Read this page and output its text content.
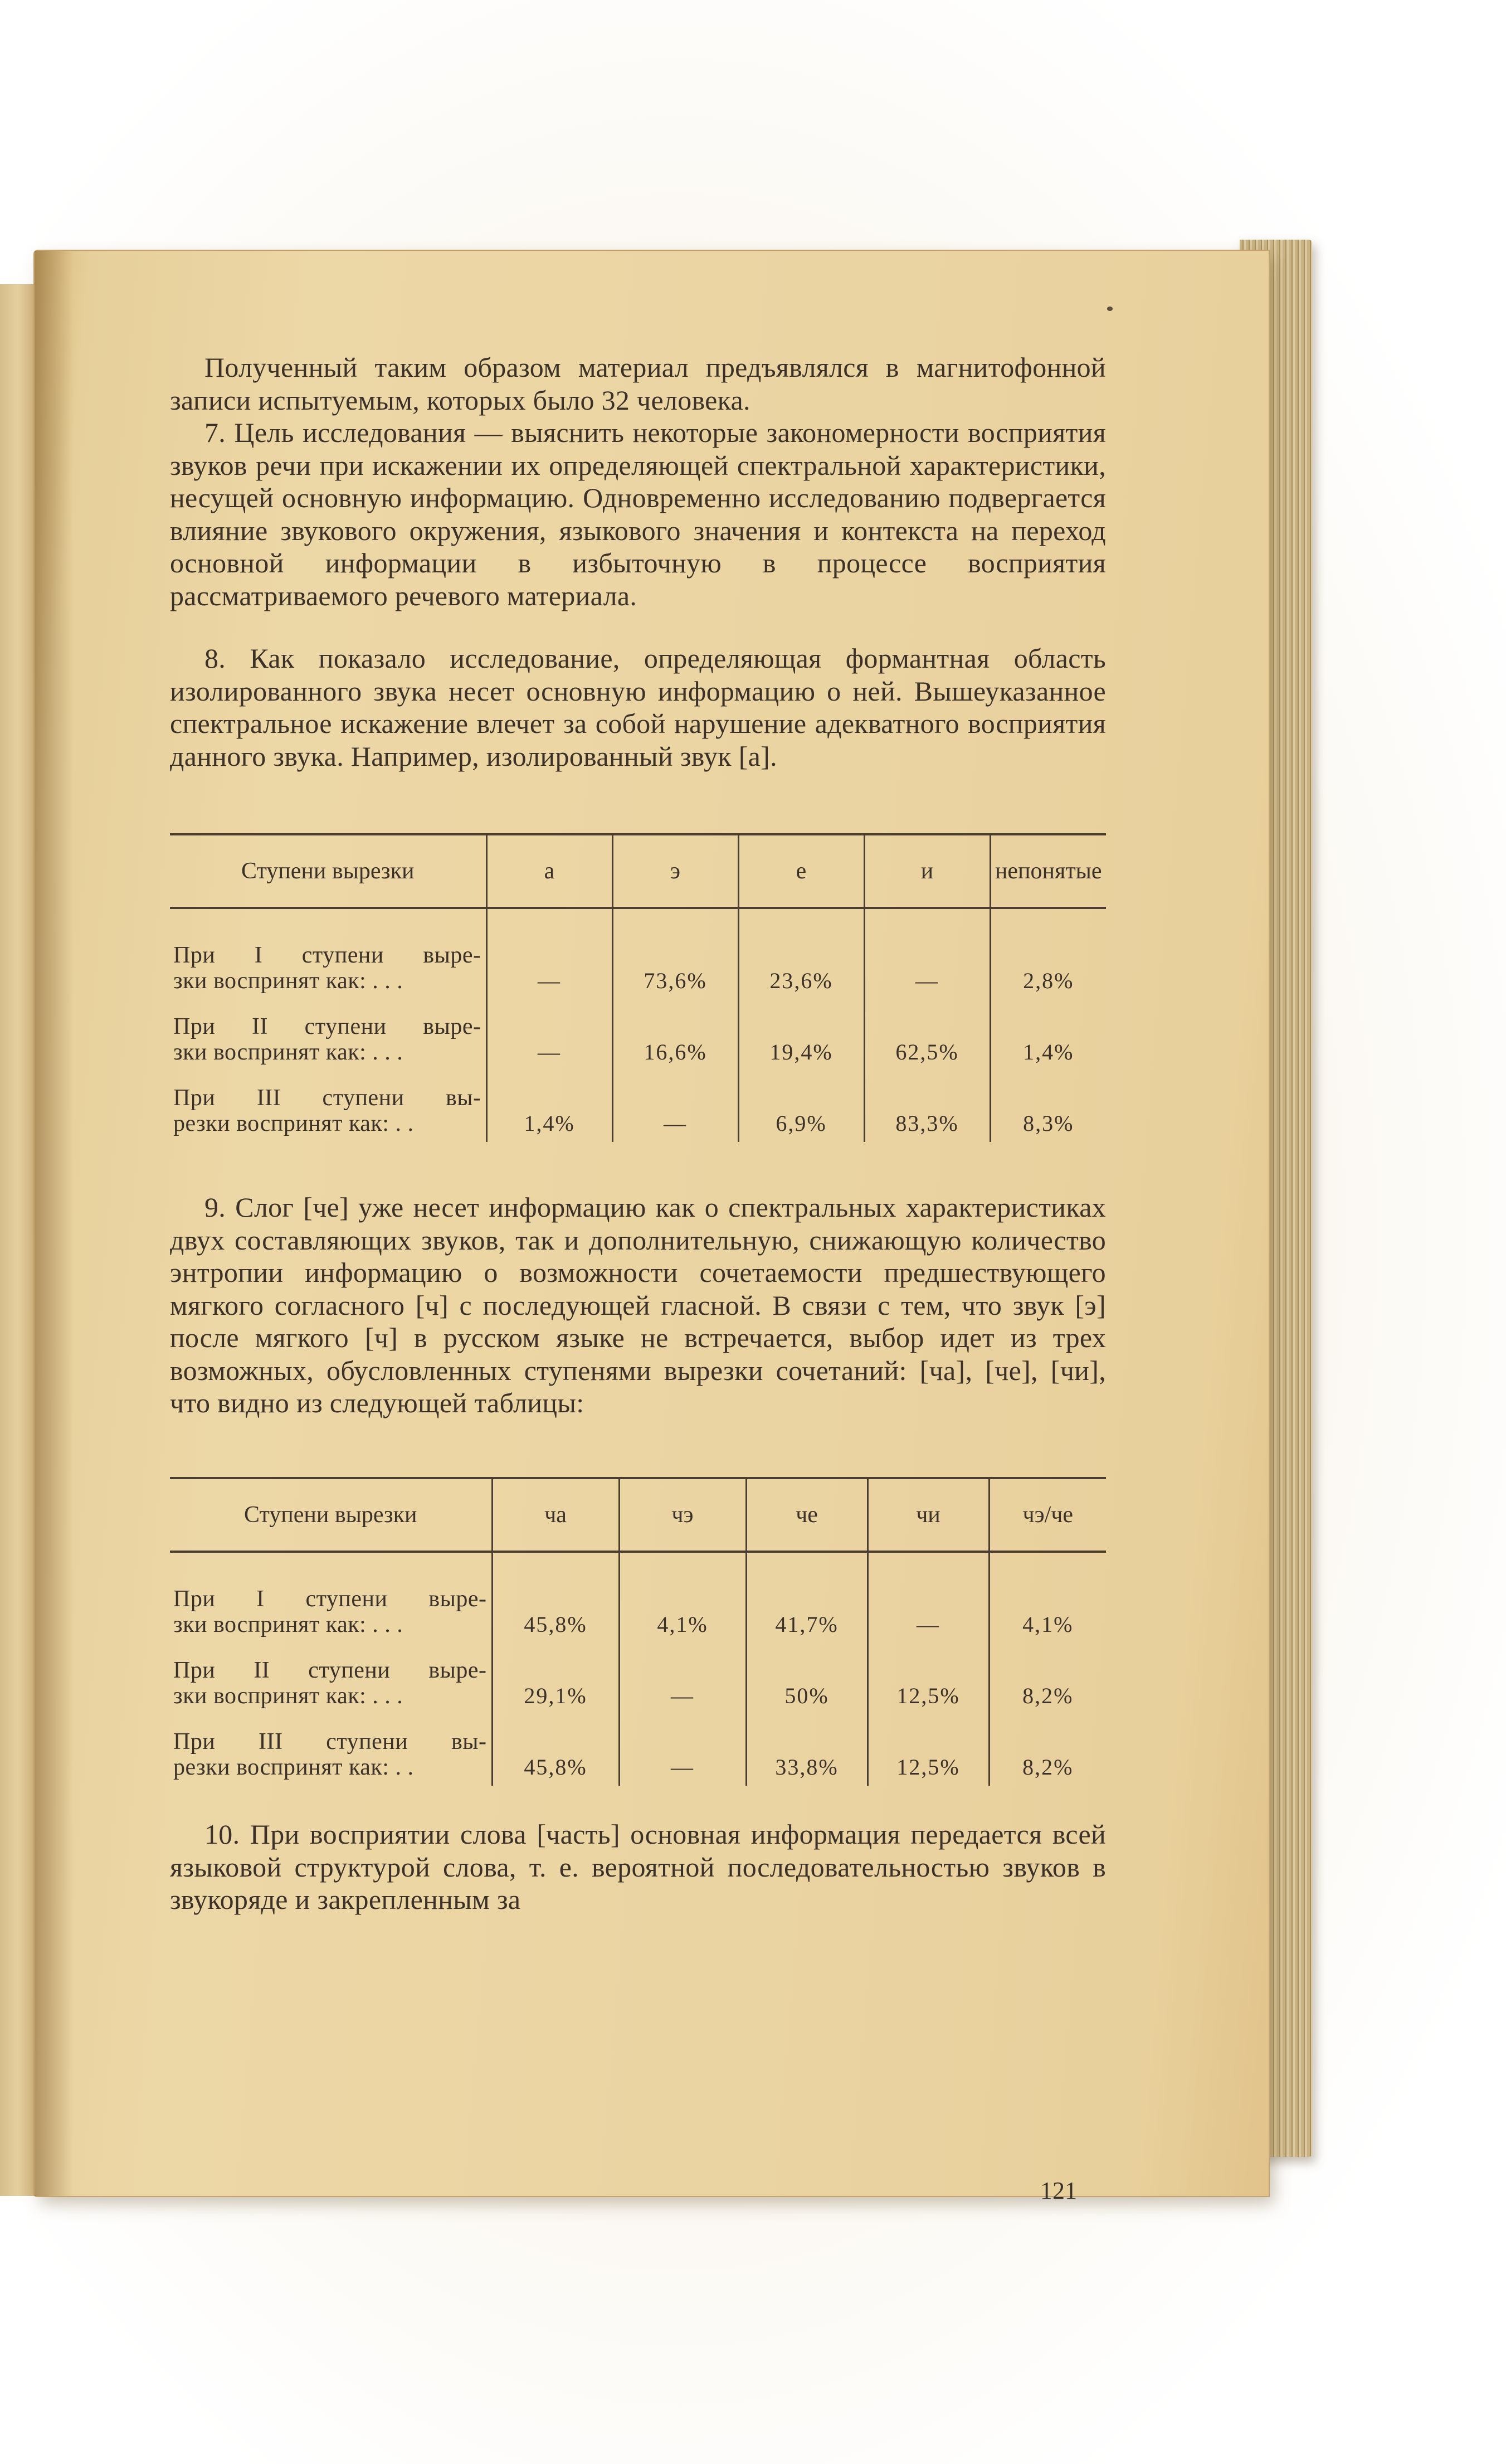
Полученный таким образом материал предъявлялся в магнитофонной записи испытуемым, которых было 32 человека.

7. Цель исследования — выяснить некоторые закономерности восприятия звуков речи при искажении их определяющей спектральной характеристики, несущей основную информацию. Одновременно исследованию подвергается влияние звукового окружения, языкового значения и контекста на переход основной информации в избыточную в процессе восприятия рассматриваемого речевого материала.

8. Как показало исследование, определяющая формантная область изолированного звука несет основную информацию о ней. Вышеуказанное спектральное искажение влечет за собой нарушение адекватного восприятия данного звука. Например, изолированный звук [а].

Ступени вырезки	а	э	е	и	непонятые

При I ступени выре-
зки воспринят как: . . .	—	73,6%	23,6%	—	2,8%

При II ступени выре-
зки воспринят как: . . .	—	16,6%	19,4%	62,5%	1,4%

При III ступени вы-
резки воспринят как: . .	1,4%	—	6,9%	83,3%	8,3%

9. Слог [че] уже несет информацию как о спектральных характеристиках двух составляющих звуков, так и дополнительную, снижающую количество энтропии информацию о возможности сочетаемости предшествующего мягкого согласного [ч] с последующей гласной. В связи с тем, что звук [э] после мягкого [ч] в русском языке не встречается, выбор идет из трех возможных, обусловленных ступенями вырезки сочетаний: [ча], [че], [чи], что видно из следующей таблицы:

Ступени вырезки	ча	чэ	че	чи	чэ/че

При I ступени выре-
зки воспринят как: . . .	45,8%	4,1%	41,7%	—	4,1%

При II ступени выре-
зки воспринят как: . . .	29,1%	—	50%	12,5%	8,2%

При III ступени вы-
резки воспринят как: . .	45,8%	—	33,8%	12,5%	8,2%

10. При восприятии слова [часть] основная информация передается всей языковой структурой слова, т. е. вероятной последовательностью звуков в звукоряде и закрепленным за

121
